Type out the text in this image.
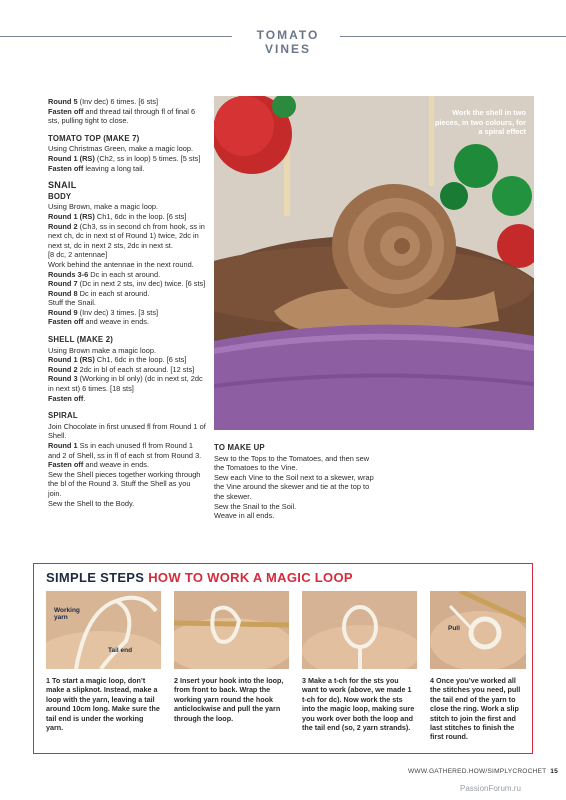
TOMATO VINES

Round 5 (Inv dec) 6 times. [6 sts]

Fasten off and thread tail through fl of final 6 sts, pulling tight to close.

TOMATO TOP (MAKE 7)

Using Christmas Green, make a magic loop.

Round 1 (RS) (Ch2, ss in loop) 5 times. [5 sts]

Fasten off leaving a long tail.

SNAIL
BODY

Using Brown, make a magic loop.

Round 1 (RS) Ch1, 6dc in the loop. [6 sts]

Round 2 (Ch3, ss in second ch from hook, ss in next ch, dc in next st of Round 1) twice, 2dc in next st, dc in next 2 sts, 2dc in next st.

[8 dc, 2 antennae]

Work behind the antennae in the next round.

Rounds 3-6 Dc in each st around.

Round 7 (Dc in next 2 sts, inv dec) twice. [6 sts]

Round 8 Dc in each st around.

Stuff the Snail.

Round 9 (Inv dec) 3 times. [3 sts]

Fasten off and weave in ends.

SHELL (MAKE 2)

Using Brown make a magic loop.

Round 1 (RS) Ch1, 6dc in the loop. [6 sts]

Round 2 2dc in bl of each st around. [12 sts]

Round 3 (Working in bl only) (dc in next st, 2dc in next st) 6 times. [18 sts]

Fasten off.

SPIRAL

Join Chocolate in first unused fl from Round 1 of Shell.

Round 1 Ss in each unused fl from Round 1 and 2 of Shell, ss in fl of each st from Round 3.

Fasten off and weave in ends.

Sew the Shell pieces together working through the bl of the Round 3. Stuff the Shell as you join.

Sew the Shell to the Body.

Work the shell in two pieces, in two colours, for a spiral effect
TO MAKE UP

Sew to the Tops to the Tomatoes, and then sew the Tomatoes to the Vine.

Sew each Vine to the Soil next to a skewer, wrap the Vine around the skewer and tie at the top to the skewer.

Sew the Snail to the Soil.

Weave in all ends.

SIMPLE STEPS HOW TO WORK A MAGIC LOOP
Working yarn
Tail end
1 To start a magic loop, don’t make a slipknot. Instead, make a loop with the yarn, leaving a tail around 10cm long. Make sure the tail end is under the working yarn.
2 Insert your hook into the loop, from front to back. Wrap the working yarn round the hook anticlockwise and pull the yarn through the loop.
3 Make a t-ch for the sts you want to work (above, we made 1 t-ch for dc). Now work the sts into the magic loop, making sure you work over both the loop and the tail end (so, 2 yarn strands).
Pull
4 Once you’ve worked all the stitches you need, pull the tail end of the yarn to close the ring. Work a slip stitch to join the first and last stitches to finish the first round.
WWW.GATHERED.HOW/SIMPLYCROCHET 15
PassionForum.ru
